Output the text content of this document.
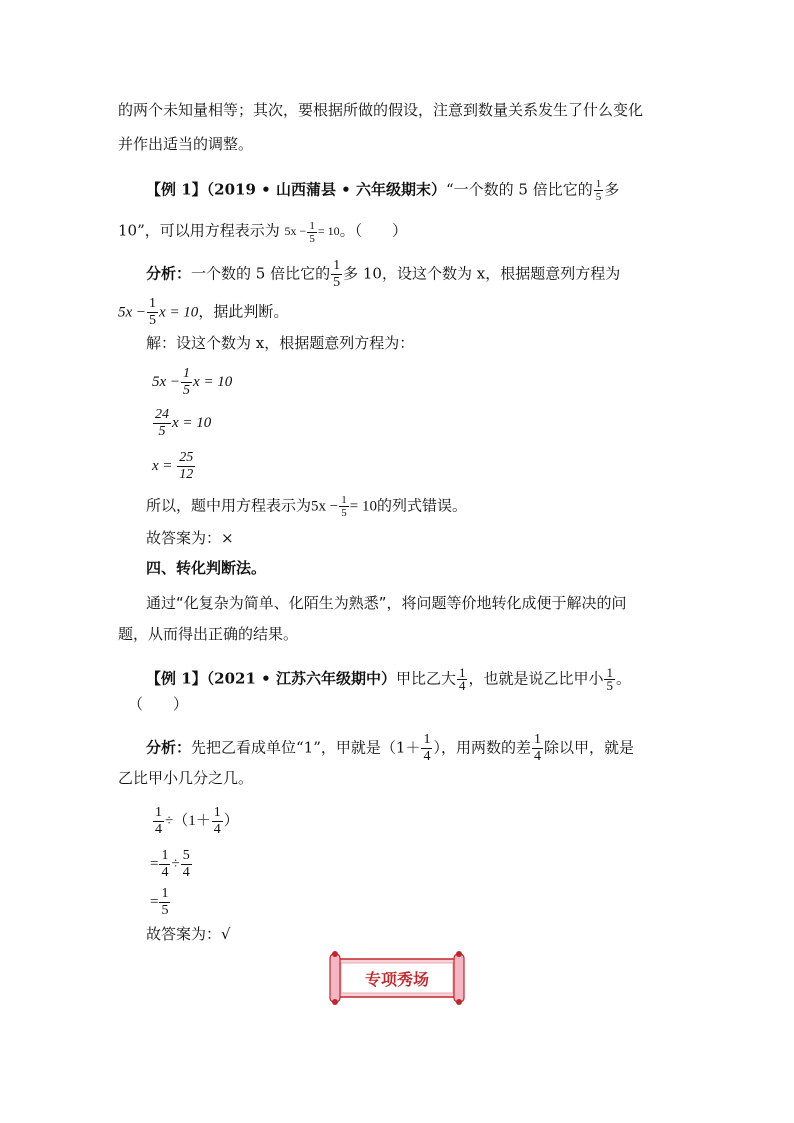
的两个未知量相等；其次，要根据所做的假设，注意到数量关系发生了什么变化
并作出适当的调整。
【例 1】（2019 • 山西蒲县 • 六年级期末）“一个数的 5 倍比它的 $\frac{1}{5}$ 多
10”，可以用方程表示为 $5x - \frac{1}{5} = 10$。（　　）
分析：一个数的 5 倍比它的 $\frac{1}{5}$ 多 10，设这个数为 x，根据题意列方程为
$5x - \frac{1}{5}$ x = 10，据此判断。
解：设这个数为 x，根据题意列方程为：
$5x - \frac{1}{5}$ x = 10
$\frac{24}{5}$ x = 10
$x = \frac{25}{12}$
所以，题中用方程表示为$5x - \frac{1}{5} = 10$的列式错误。
故答案为：×
四、转化判断法。
通过“化复杂为简单、化陌生为熟悉”，将问题等价地转化成便于解决的问
题，从而得出正确的结果。
【例 1】（2021 • 江苏六年级期中）甲比乙大 $\frac{1}{4}$ ，也就是说乙比甲小 $\frac{1}{5}$ 。
（　　）
分析：先把乙看成单位“1”，甲就是（$1+ \frac{1}{4}$ ），用两数的差 $\frac{1}{4}$ 除以甲，就是
乙比甲小几分之几。
$\frac{1}{4} \div(1+ \frac{1}{4}$ ）
= $\frac{1}{4} \div \frac{5}{4}$
= $\frac{1}{5}$
故答案为：√
专项秀场
